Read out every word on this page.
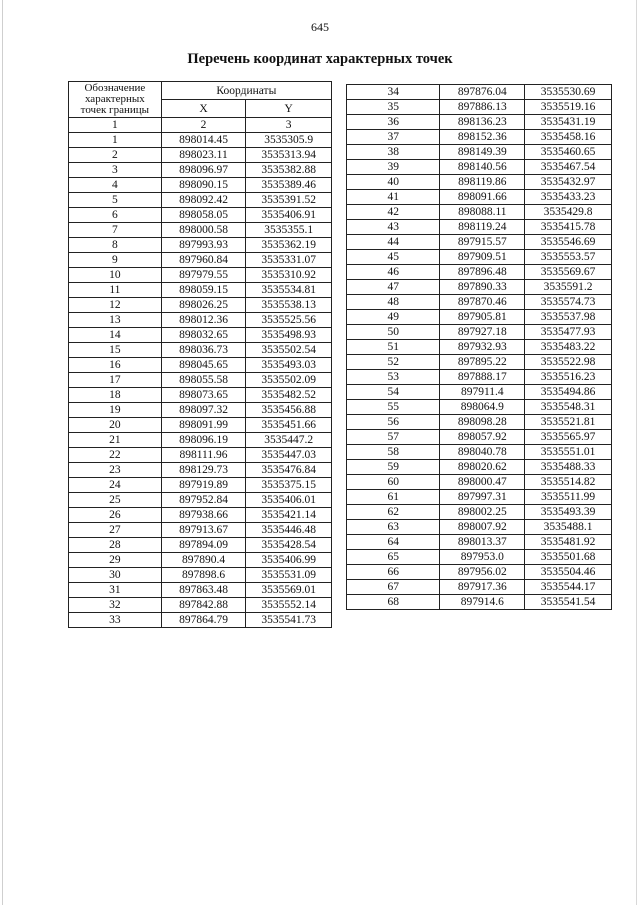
645
Перечень координат характерных точек
Обозначение характерных точек границы	Координаты	
	X	Y
1	2	3
1	898014.45	3535305.9
2	898023.11	3535313.94
3	898096.97	3535382.88
4	898090.15	3535389.46
5	898092.42	3535391.52
6	898058.05	3535406.91
7	898000.58	3535355.1
8	897993.93	3535362.19
9	897960.84	3535331.07
10	897979.55	3535310.92
11	898059.15	3535534.81
12	898026.25	3535538.13
13	898012.36	3535525.56
14	898032.65	3535498.93
15	898036.73	3535502.54
16	898045.65	3535493.03
17	898055.58	3535502.09
18	898073.65	3535482.52
19	898097.32	3535456.88
20	898091.99	3535451.66
21	898096.19	3535447.2
22	898111.96	3535447.03
23	898129.73	3535476.84
24	897919.89	3535375.15
25	897952.84	3535406.01
26	897938.66	3535421.14
27	897913.67	3535446.48
28	897894.09	3535428.54
29	897890.4	3535406.99
30	897898.6	3535531.09
31	897863.48	3535569.01
32	897842.88	3535552.14
33	897864.79	3535541.73
34	897876.04	3535530.69
35	897886.13	3535519.16
36	898136.23	3535431.19
37	898152.36	3535458.16
38	898149.39	3535460.65
39	898140.56	3535467.54
40	898119.86	3535432.97
41	898091.66	3535433.23
42	898088.11	3535429.8
43	898119.24	3535415.78
44	897915.57	3535546.69
45	897909.51	3535553.57
46	897896.48	3535569.67
47	897890.33	3535591.2
48	897870.46	3535574.73
49	897905.81	3535537.98
50	897927.18	3535477.93
51	897932.93	3535483.22
52	897895.22	3535522.98
53	897888.17	3535516.23
54	897911.4	3535494.86
55	898064.9	3535548.31
56	898098.28	3535521.81
57	898057.92	3535565.97
58	898040.78	3535551.01
59	898020.62	3535488.33
60	898000.47	3535514.82
61	897997.31	3535511.99
62	898002.25	3535493.39
63	898007.92	3535488.1
64	898013.37	3535481.92
65	897953.0	3535501.68
66	897956.02	3535504.46
67	897917.36	3535544.17
68	897914.6	3535541.54
